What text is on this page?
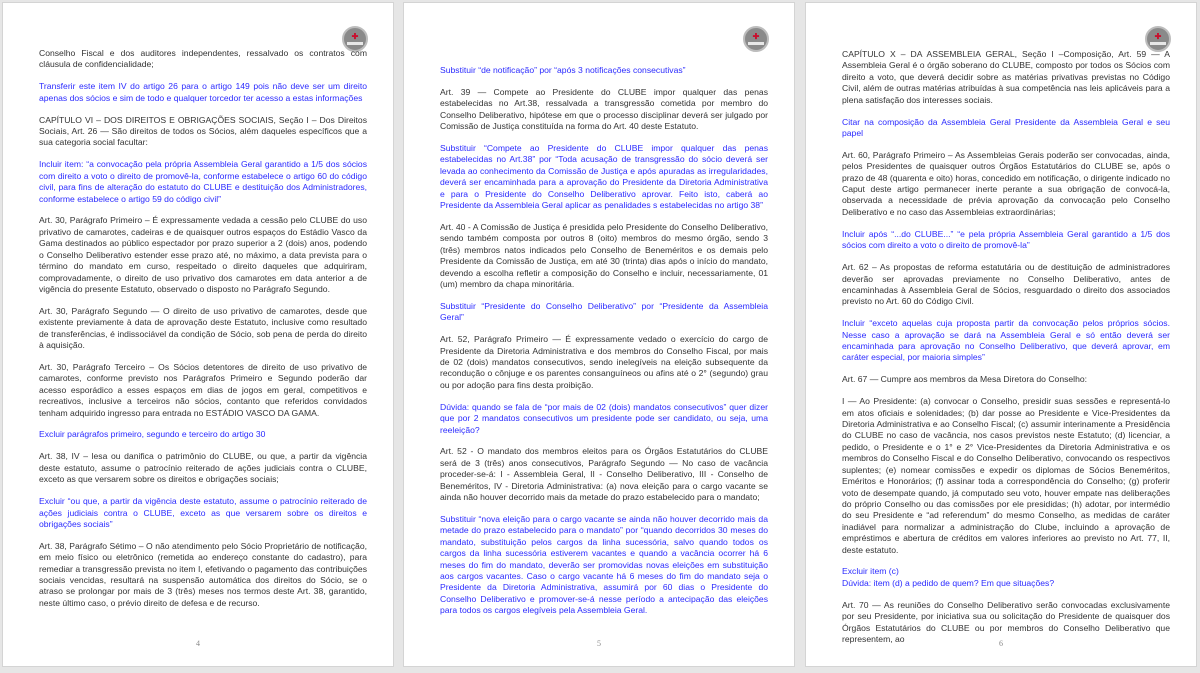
✚

Conselho Fiscal e dos auditores independentes, ressalvado os contratos com cláusula de confidencialidade;

Transferir este item IV do artigo 26 para o artigo 149 pois não deve ser um direito apenas dos sócios e sim de todo e qualquer torcedor ter acesso a estas informações

CAPÍTULO VI – DOS DIREITOS E OBRIGAÇÕES SOCIAIS, Seção I – Dos Direitos Sociais, Art. 26 — São direitos de todos os Sócios, além daqueles específicos que a sua categoria social facultar:

Incluir item: “a convocação pela própria Assembleia Geral garantido a 1/5 dos sócios com direito a voto o direito de promovê-la, conforme estabelece o artigo 60 do código civil, para fins de alteração do estatuto do CLUBE e destituição dos Administradores, conforme estabelece o artigo 59 do código civil”

Art. 30, Parágrafo Primeiro – É expressamente vedada a cessão pelo CLUBE do uso privativo de camarotes, cadeiras e de quaisquer outros espaços do Estádio Vasco da Gama destinados ao público espectador por prazo superior a 2 (dois) anos, podendo o Conselho Deliberativo estender esse prazo até, no máximo, a data prevista para o término do mandato em curso, respeitado o direito daqueles que adquiriram, comprovadamente, o direito de uso privativo dos camarotes em data anterior a de vigência do presente Estatuto, observado o disposto no Parágrafo Segundo.

Art. 30, Parágrafo Segundo — O direito de uso privativo de camarotes, desde que existente previamente à data de aprovação deste Estatuto, inclusive como resultado de transferências, é indissociável da condição de Sócio, sob pena de perda do direito à aquisição.

Art. 30, Parágrafo Terceiro – Os Sócios detentores de direito de uso privativo de camarotes, conforme previsto nos Parágrafos Primeiro e Segundo poderão dar acesso esporádico a esses espaços em dias de jogos em geral, competitivos e recreativos, inclusive a terceiros não sócios, contanto que referidos convidados tenham adquirido ingresso para entrada no ESTÁDIO VASCO DA GAMA.

Excluir parágrafos primeiro, segundo e terceiro do artigo 30

Art. 38, IV – lesa ou danifica o patrimônio do CLUBE, ou que, a partir da vigência deste estatuto, assume o patrocínio reiterado de ações judiciais contra o CLUBE, exceto as que versarem sobre os direitos e obrigações sociais;

Excluir “ou que, a partir da vigência deste estatuto, assume o patrocínio reiterado de ações judiciais contra o CLUBE, exceto as que versarem sobre os direitos e obrigações sociais”

Art. 38, Parágrafo Sétimo – O não atendimento pelo Sócio Proprietário de notificação, em meio físico ou eletrônico (remetida ao endereço constante do cadastro), para remediar a transgressão prevista no item I, efetivando o pagamento das contribuições sociais vencidas, resultará na suspensão automática dos direitos do Sócio, se o atraso se prolongar por mais de 3 (três) meses nos termos deste Art. 38, garantido, neste último caso, o prévio direito de defesa e de recurso.

4
✚

Substituir “de notificação” por “após 3 notificações consecutivas”

Art. 39 — Compete ao Presidente do CLUBE impor qualquer das penas estabelecidas no Art.38, ressalvada a transgressão cometida por membro do Conselho Deliberativo, hipótese em que o processo disciplinar deverá ser julgado por Comissão de Justiça constituída na forma do Art. 40 deste Estatuto.

Substituir “Compete ao Presidente do CLUBE impor qualquer das penas estabelecidas no Art.38” por “Toda acusação de transgressão do sócio deverá ser levada ao conhecimento da Comissão de Justiça e após apuradas as irregularidades, deverá ser encaminhada para a aprovação do Presidente da Diretoria Administrativa e para o Presidente do Conselho Deliberativo aprovar. Feito isto, caberá ao Presidente da Assembleia Geral aplicar as penalidades s estabelecidas no artigo 38”

Art. 40 - A Comissão de Justiça é presidida pelo Presidente do Conselho Deliberativo, sendo também composta por outros 8 (oito) membros do mesmo órgão, sendo 3 (três) membros natos indicados pelo Conselho de Beneméritos e os demais pelo Presidente da Comissão de Justiça, em até 30 (trinta) dias após o início do mandato, devendo a escolha refletir a composição do Conselho e incluir, necessariamente, 01 (um) membro da chapa minoritária.

Substituir “Presidente do Conselho Deliberativo” por “Presidente da Assembleia Geral”

Art. 52, Parágrafo Primeiro — É expressamente vedado o exercício do cargo de Presidente da Diretoria Administrativa e dos membros do Conselho Fiscal, por mais de 02 (dois) mandatos consecutivos, sendo inelegíveis na eleição subsequente da recondução o cônjuge e os parentes consanguíneos ou afins até o 2° (segundo) grau ou por adoção para fins desta proibição.

Dúvida: quando se fala de “por mais de 02 (dois) mandatos consecutivos” quer dizer que por 2 mandatos consecutivos um presidente pode ser candidato, ou seja, uma reeleição?

Art. 52 - O mandato dos membros eleitos para os Órgãos Estatutários do CLUBE será de 3 (três) anos consecutivos, Parágrafo Segundo — No caso de vacância proceder-se-á: I - Assembleia Geral, II - Conselho Deliberativo, III - Conselho de Beneméritos, IV - Diretoria Administrativa: (a) nova eleição para o cargo vacante se ainda não houver decorrido mais da metade do prazo estabelecido para o mandato;

Substituir “nova eleição para o cargo vacante se ainda não houver decorrido mais da metade do prazo estabelecido para o mandato” por “quando decorridos 30 meses do mandato, substituição pelos cargos da linha sucessória, salvo quando todos os cargos da linha sucessória estiverem vacantes e quando a vacância ocorrer há 6 meses do fim do mandato, deverão ser promovidas novas eleições em substituição aos cargos vacantes. Caso o cargo vacante há 6 meses do fim do mandato seja o Presidente da Diretoria Administrativa, assumirá por 60 dias o Presidente do Conselho Deliberativo e promover-se-á nesse período a antecipação das eleições para todos os cargos elegíveis pela Assembleia Geral.

5
✚

CAPÍTULO X – DA ASSEMBLEIA GERAL, Seção I –Composição, Art. 59 — A Assembleia Geral é o órgão soberano do CLUBE, composto por todos os Sócios com direito a voto, que deverá decidir sobre as matérias privativas previstas no Código Civil, além de outras matérias atribuídas à sua competência nas leis aplicáveis para a plena satisfação dos interesses sociais.

Citar na composição da Assembleia Geral Presidente da Assembleia Geral e seu papel

Art. 60, Parágrafo Primeiro – As Assembleias Gerais poderão ser convocadas, ainda, pelos Presidentes de quaisquer outros Órgãos Estatutários do CLUBE se, após o prazo de 48 (quarenta e oito) horas, concedido em notificação, o dirigente indicado no Caput deste artigo permanecer inerte perante a sua obrigação de convocá-la, observada a necessidade de prévia aprovação da convocação pelo Conselho Deliberativo e no caso das Assembleias extraordinárias;

Incluir após “...do CLUBE...” “e pela própria Assembleia Geral garantido a 1/5 dos sócios com direito a voto o direito de promovê-la”

Art. 62 – As propostas de reforma estatutária ou de destituição de administradores deverão ser aprovadas previamente no Conselho Deliberativo, antes de encaminhadas à Assembleia Geral de Sócios, resguardado o direito dos associados previsto no Art. 60 do Código Civil.

Incluir “exceto aquelas cuja proposta partir da convocação pelos próprios sócios. Nesse caso a aprovação se dará na Assembleia Geral e só então deverá ser encaminhada para aprovação no Conselho Deliberativo, que deverá aprovar, em caráter especial, por maioria simples”

Art. 67 — Cumpre aos membros da Mesa Diretora do Conselho:

I — Ao Presidente: (a) convocar o Conselho, presidir suas sessões e representá-lo em atos oficiais e solenidades; (b) dar posse ao Presidente e Vice-Presidentes da Diretoria Administrativa e ao Conselho Fiscal; (c) assumir interinamente a Presidência do CLUBE no caso de vacância, nos casos previstos neste Estatuto; (d) licenciar, a pedido, o Presidente e o 1° e 2° Vice-Presidentes da Diretoria Administrativa e os membros do Conselho Fiscal e do Conselho Deliberativo, convocando os respectivos suplentes; (e) nomear comissões e expedir os diplomas de Sócios Beneméritos, Eméritos e Honorários; (f) assinar toda a correspondência do Conselho; (g) proferir voto de desempate quando, já computado seu voto, houver empate nas deliberações do próprio Conselho ou das comissões por ele presididas; (h) adotar, por intermédio do seu Presidente e “ad referendum” do mesmo Conselho, as medidas de caráter inadiável para normalizar a administração do Clube, incluindo a aprovação de empréstimos e abertura de créditos em valores inferiores ao previsto no Art. 77, II, deste estatuto.

Excluir item (c)

Dúvida: item (d) a pedido de quem? Em que situações?

Art. 70 — As reuniões do Conselho Deliberativo serão convocadas exclusivamente por seu Presidente, por iniciativa sua ou solicitação do Presidente de quaisquer dos Órgãos Estatutários do CLUBE ou por membros do Conselho Deliberativo que representem, ao	6
